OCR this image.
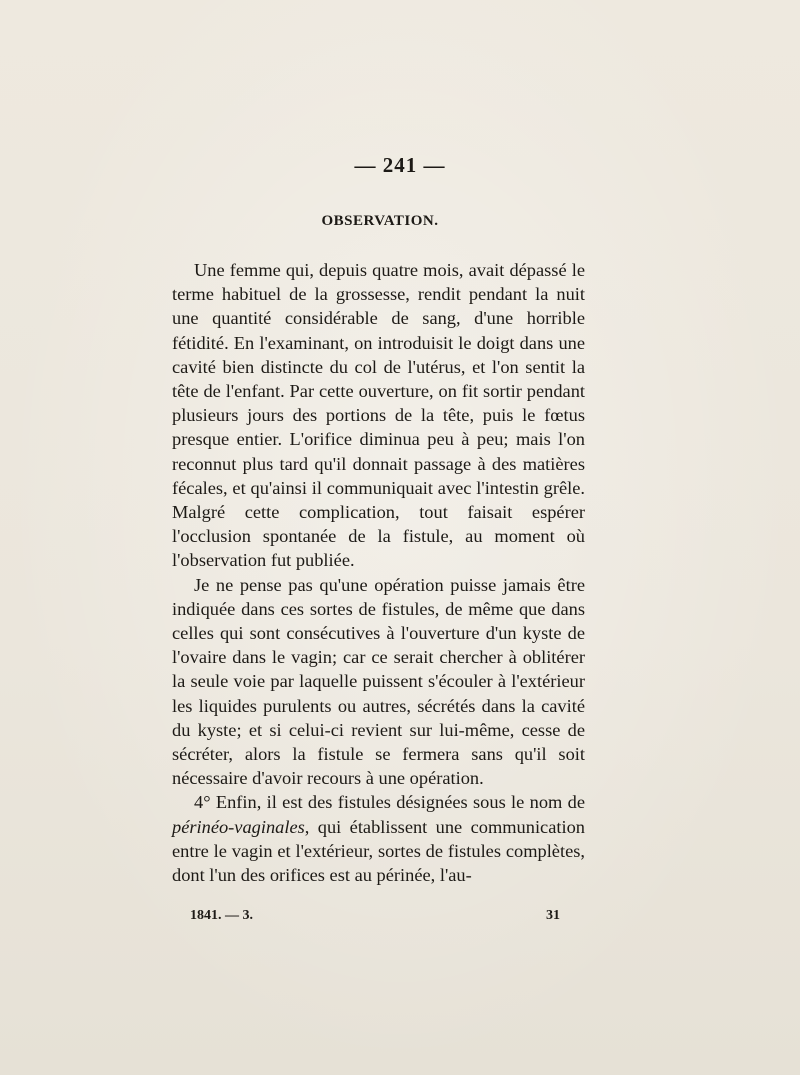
— 241 —
OBSERVATION.

Une femme qui, depuis quatre mois, avait dépassé le terme habituel de la grossesse, rendit pendant la nuit une quantité considérable de sang, d'une horrible fétidité. En l'examinant, on introduisit le doigt dans une cavité bien distincte du col de l'utérus, et l'on sentit la tête de l'enfant. Par cette ouverture, on fit sortir pendant plusieurs jours des portions de la tête, puis le fœtus presque entier. L'orifice diminua peu à peu; mais l'on reconnut plus tard qu'il donnait passage à des matières fécales, et qu'ainsi il communiquait avec l'intestin grêle. Malgré cette complication, tout faisait espérer l'occlusion spontanée de la fistule, au moment où l'observation fut publiée.

Je ne pense pas qu'une opération puisse jamais être indiquée dans ces sortes de fistules, de même que dans celles qui sont consécutives à l'ouverture d'un kyste de l'ovaire dans le vagin; car ce serait chercher à oblitérer la seule voie par laquelle puissent s'écouler à l'extérieur les liquides purulents ou autres, sécrétés dans la cavité du kyste; et si celui-ci revient sur lui-même, cesse de sécréter, alors la fistule se fermera sans qu'il soit nécessaire d'avoir recours à une opération.

4° Enfin, il est des fistules désignées sous le nom de périnéo-vaginales, qui établissent une communication entre le vagin et l'extérieur, sortes de fistules complètes, dont l'un des orifices est au périnée, l'au-

1841. — 3.	31
